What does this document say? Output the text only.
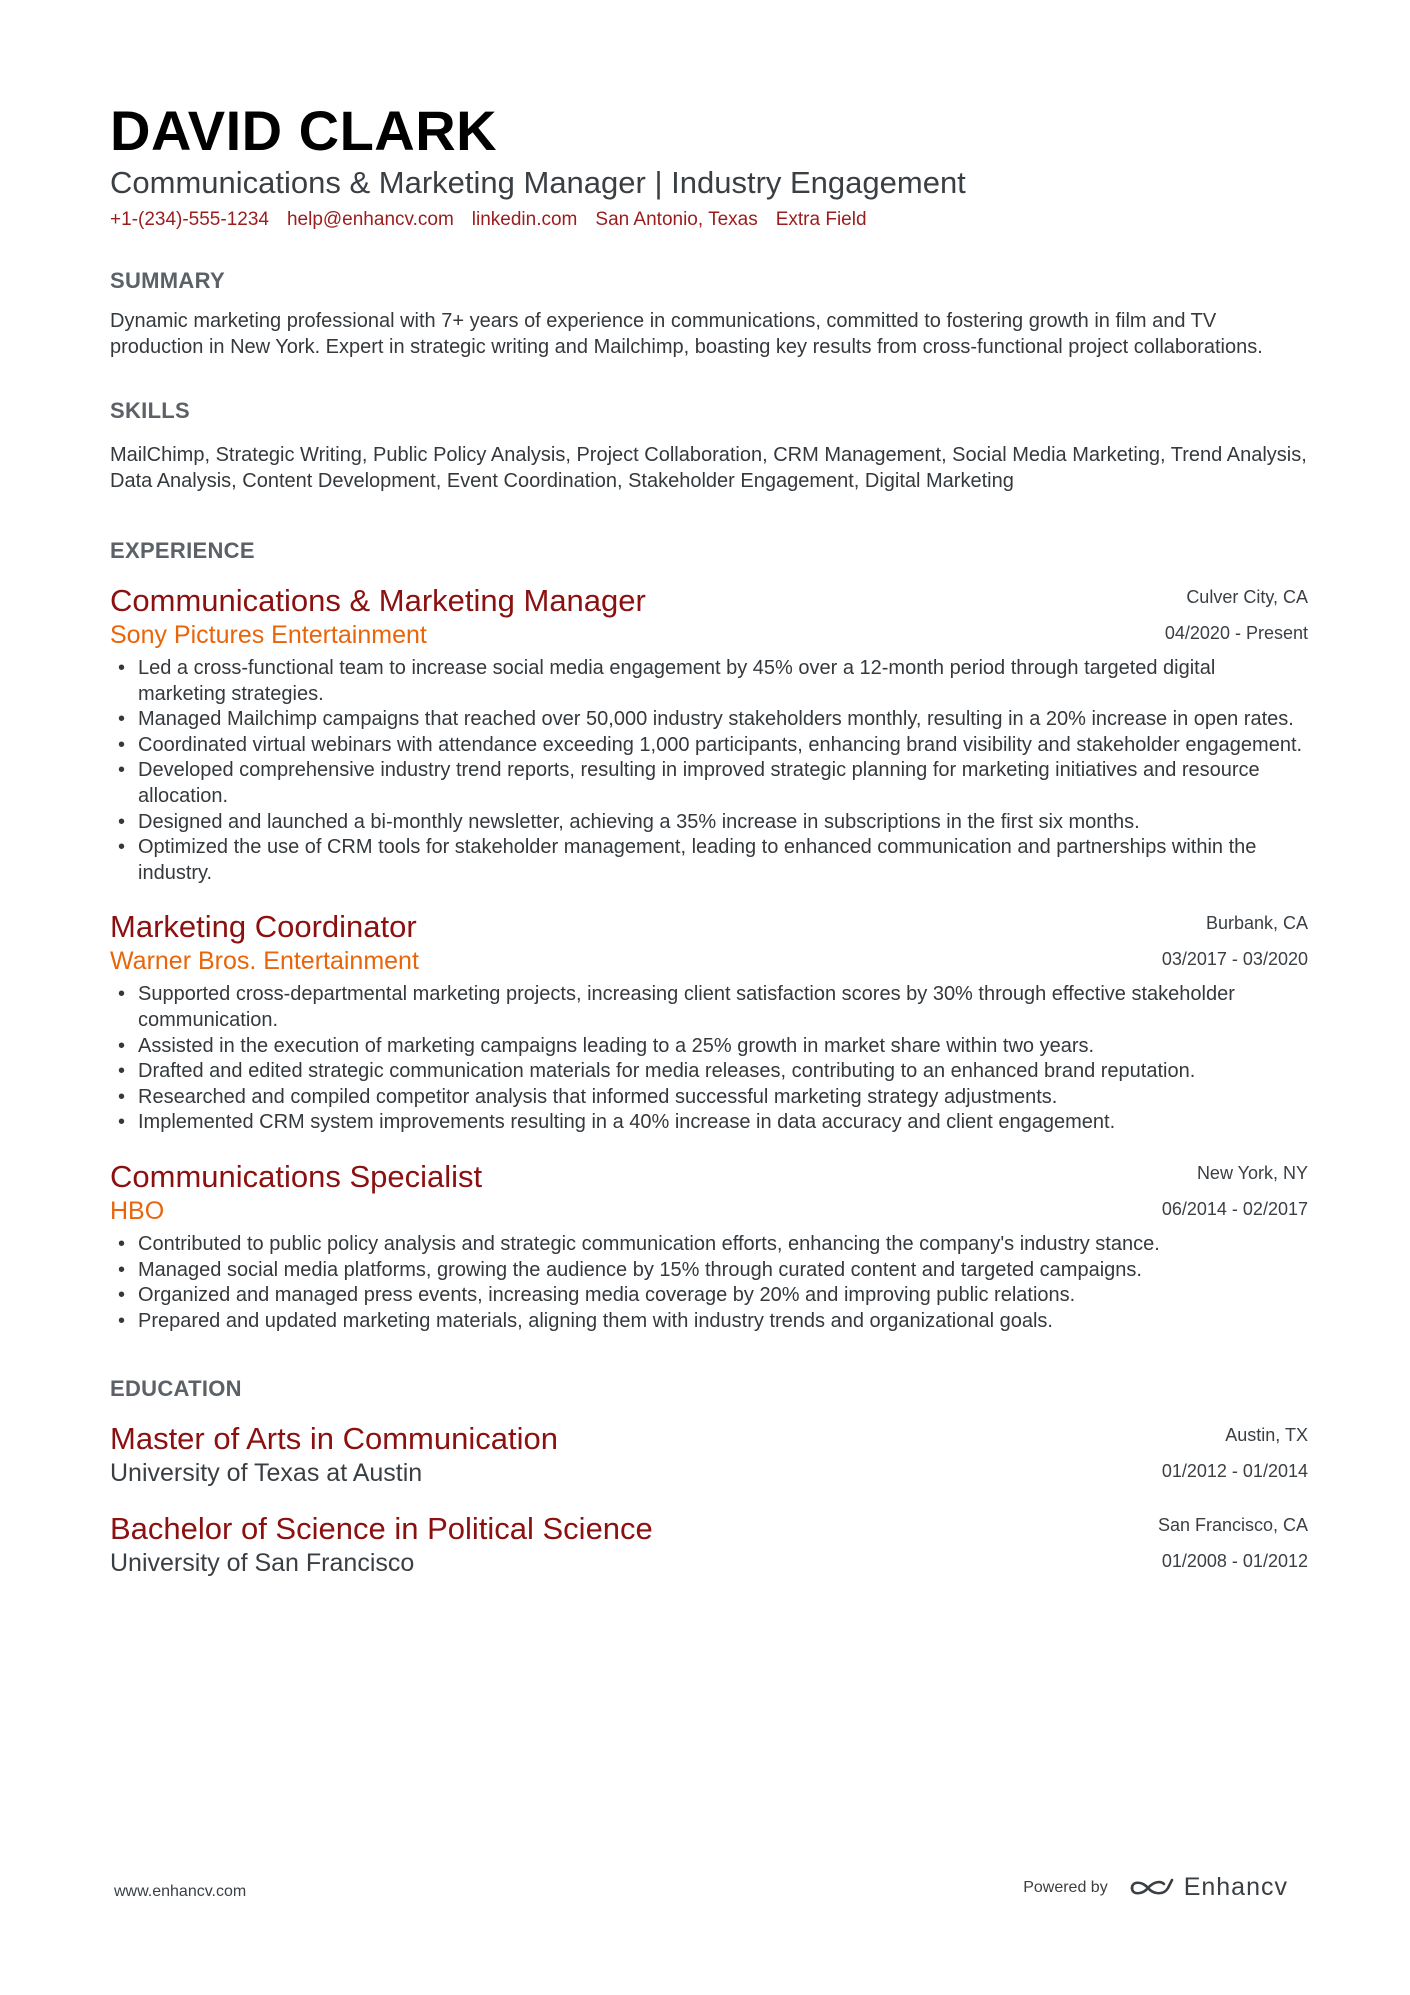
DAVID CLARK
Communications & Marketing Manager | Industry Engagement
+1-(234)-555-1234 help@enhancv.com linkedin.com San Antonio, Texas Extra Field
SUMMARY
Dynamic marketing professional with 7+ years of experience in communications, committed to fostering growth in film and TV production in New York. Expert in strategic writing and Mailchimp, boasting key results from cross-functional project collaborations.
SKILLS
MailChimp, Strategic Writing, Public Policy Analysis, Project Collaboration, CRM Management, Social Media Marketing, Trend Analysis, Data Analysis, Content Development, Event Coordination, Stakeholder Engagement, Digital Marketing
EXPERIENCE
Communications & Marketing Manager
Sony Pictures Entertainment
Culver City, CA
04/2020 - Present
• Led a cross-functional team to increase social media engagement by 45% over a 12-month period through targeted digital marketing strategies.
• Managed Mailchimp campaigns that reached over 50,000 industry stakeholders monthly, resulting in a 20% increase in open rates.
• Coordinated virtual webinars with attendance exceeding 1,000 participants, enhancing brand visibility and stakeholder engagement.
• Developed comprehensive industry trend reports, resulting in improved strategic planning for marketing initiatives and resource allocation.
• Designed and launched a bi-monthly newsletter, achieving a 35% increase in subscriptions in the first six months.
• Optimized the use of CRM tools for stakeholder management, leading to enhanced communication and partnerships within the industry.
Marketing Coordinator
Warner Bros. Entertainment
Burbank, CA
03/2017 - 03/2020
• Supported cross-departmental marketing projects, increasing client satisfaction scores by 30% through effective stakeholder communication.
• Assisted in the execution of marketing campaigns leading to a 25% growth in market share within two years.
• Drafted and edited strategic communication materials for media releases, contributing to an enhanced brand reputation.
• Researched and compiled competitor analysis that informed successful marketing strategy adjustments.
• Implemented CRM system improvements resulting in a 40% increase in data accuracy and client engagement.
Communications Specialist
HBO
New York, NY
06/2014 - 02/2017
• Contributed to public policy analysis and strategic communication efforts, enhancing the company's industry stance.
• Managed social media platforms, growing the audience by 15% through curated content and targeted campaigns.
• Organized and managed press events, increasing media coverage by 20% and improving public relations.
• Prepared and updated marketing materials, aligning them with industry trends and organizational goals.
EDUCATION
Master of Arts in Communication
University of Texas at Austin
Austin, TX
01/2012 - 01/2014
Bachelor of Science in Political Science
University of San Francisco
San Francisco, CA
01/2008 - 01/2012
www.enhancv.com	Powered by	Enhancv
